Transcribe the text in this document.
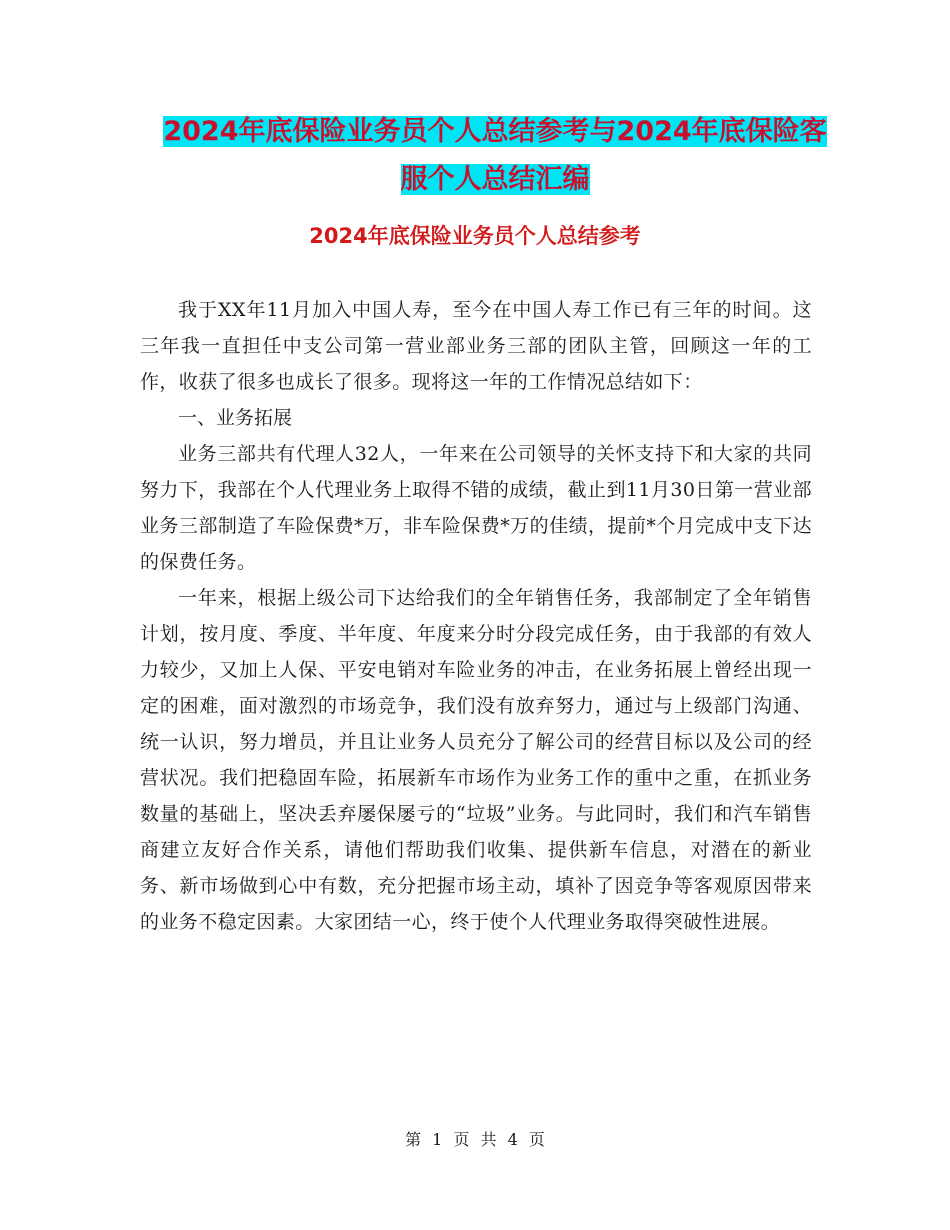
2024年底保险业务员个人总结参考与2024年底保险客
服个人总结汇编
2024年底保险业务员个人总结参考

我于XX年11月加入中国人寿，至今在中国人寿工作已有三年的时间。这三年我一直担任中支公司第一营业部业务三部的团队主管，回顾这一年的工作，收获了很多也成长了很多。现将这一年的工作情况总结如下：

一、业务拓展

业务三部共有代理人32人，一年来在公司领导的关怀支持下和大家的共同努力下，我部在个人代理业务上取得不错的成绩，截止到11月30日第一营业部业务三部制造了车险保费*万，非车险保费*万的佳绩，提前*个月完成中支下达的保费任务。

一年来，根据上级公司下达给我们的全年销售任务，我部制定了全年销售计划，按月度、季度、半年度、年度来分时分段完成任务，由于我部的有效人力较少，又加上人保、平安电销对车险业务的冲击，在业务拓展上曾经出现一定的困难，面对激烈的市场竞争，我们没有放弃努力，通过与上级部门沟通、统一认识，努力增员，并且让业务人员充分了解公司的经营目标以及公司的经营状况。我们把稳固车险，拓展新车市场作为业务工作的重中之重，在抓业务数量的基础上，坚决丢弃屡保屡亏的“垃圾”业务。与此同时，我们和汽车销售商建立友好合作关系，请他们帮助我们收集、提供新车信息，对潜在的新业务、新市场做到心中有数，充分把握市场主动，填补了因竞争等客观原因带来的业务不稳定因素。大家团结一心，终于使个人代理业务取得突破性进展。

第 1 页 共 4 页
